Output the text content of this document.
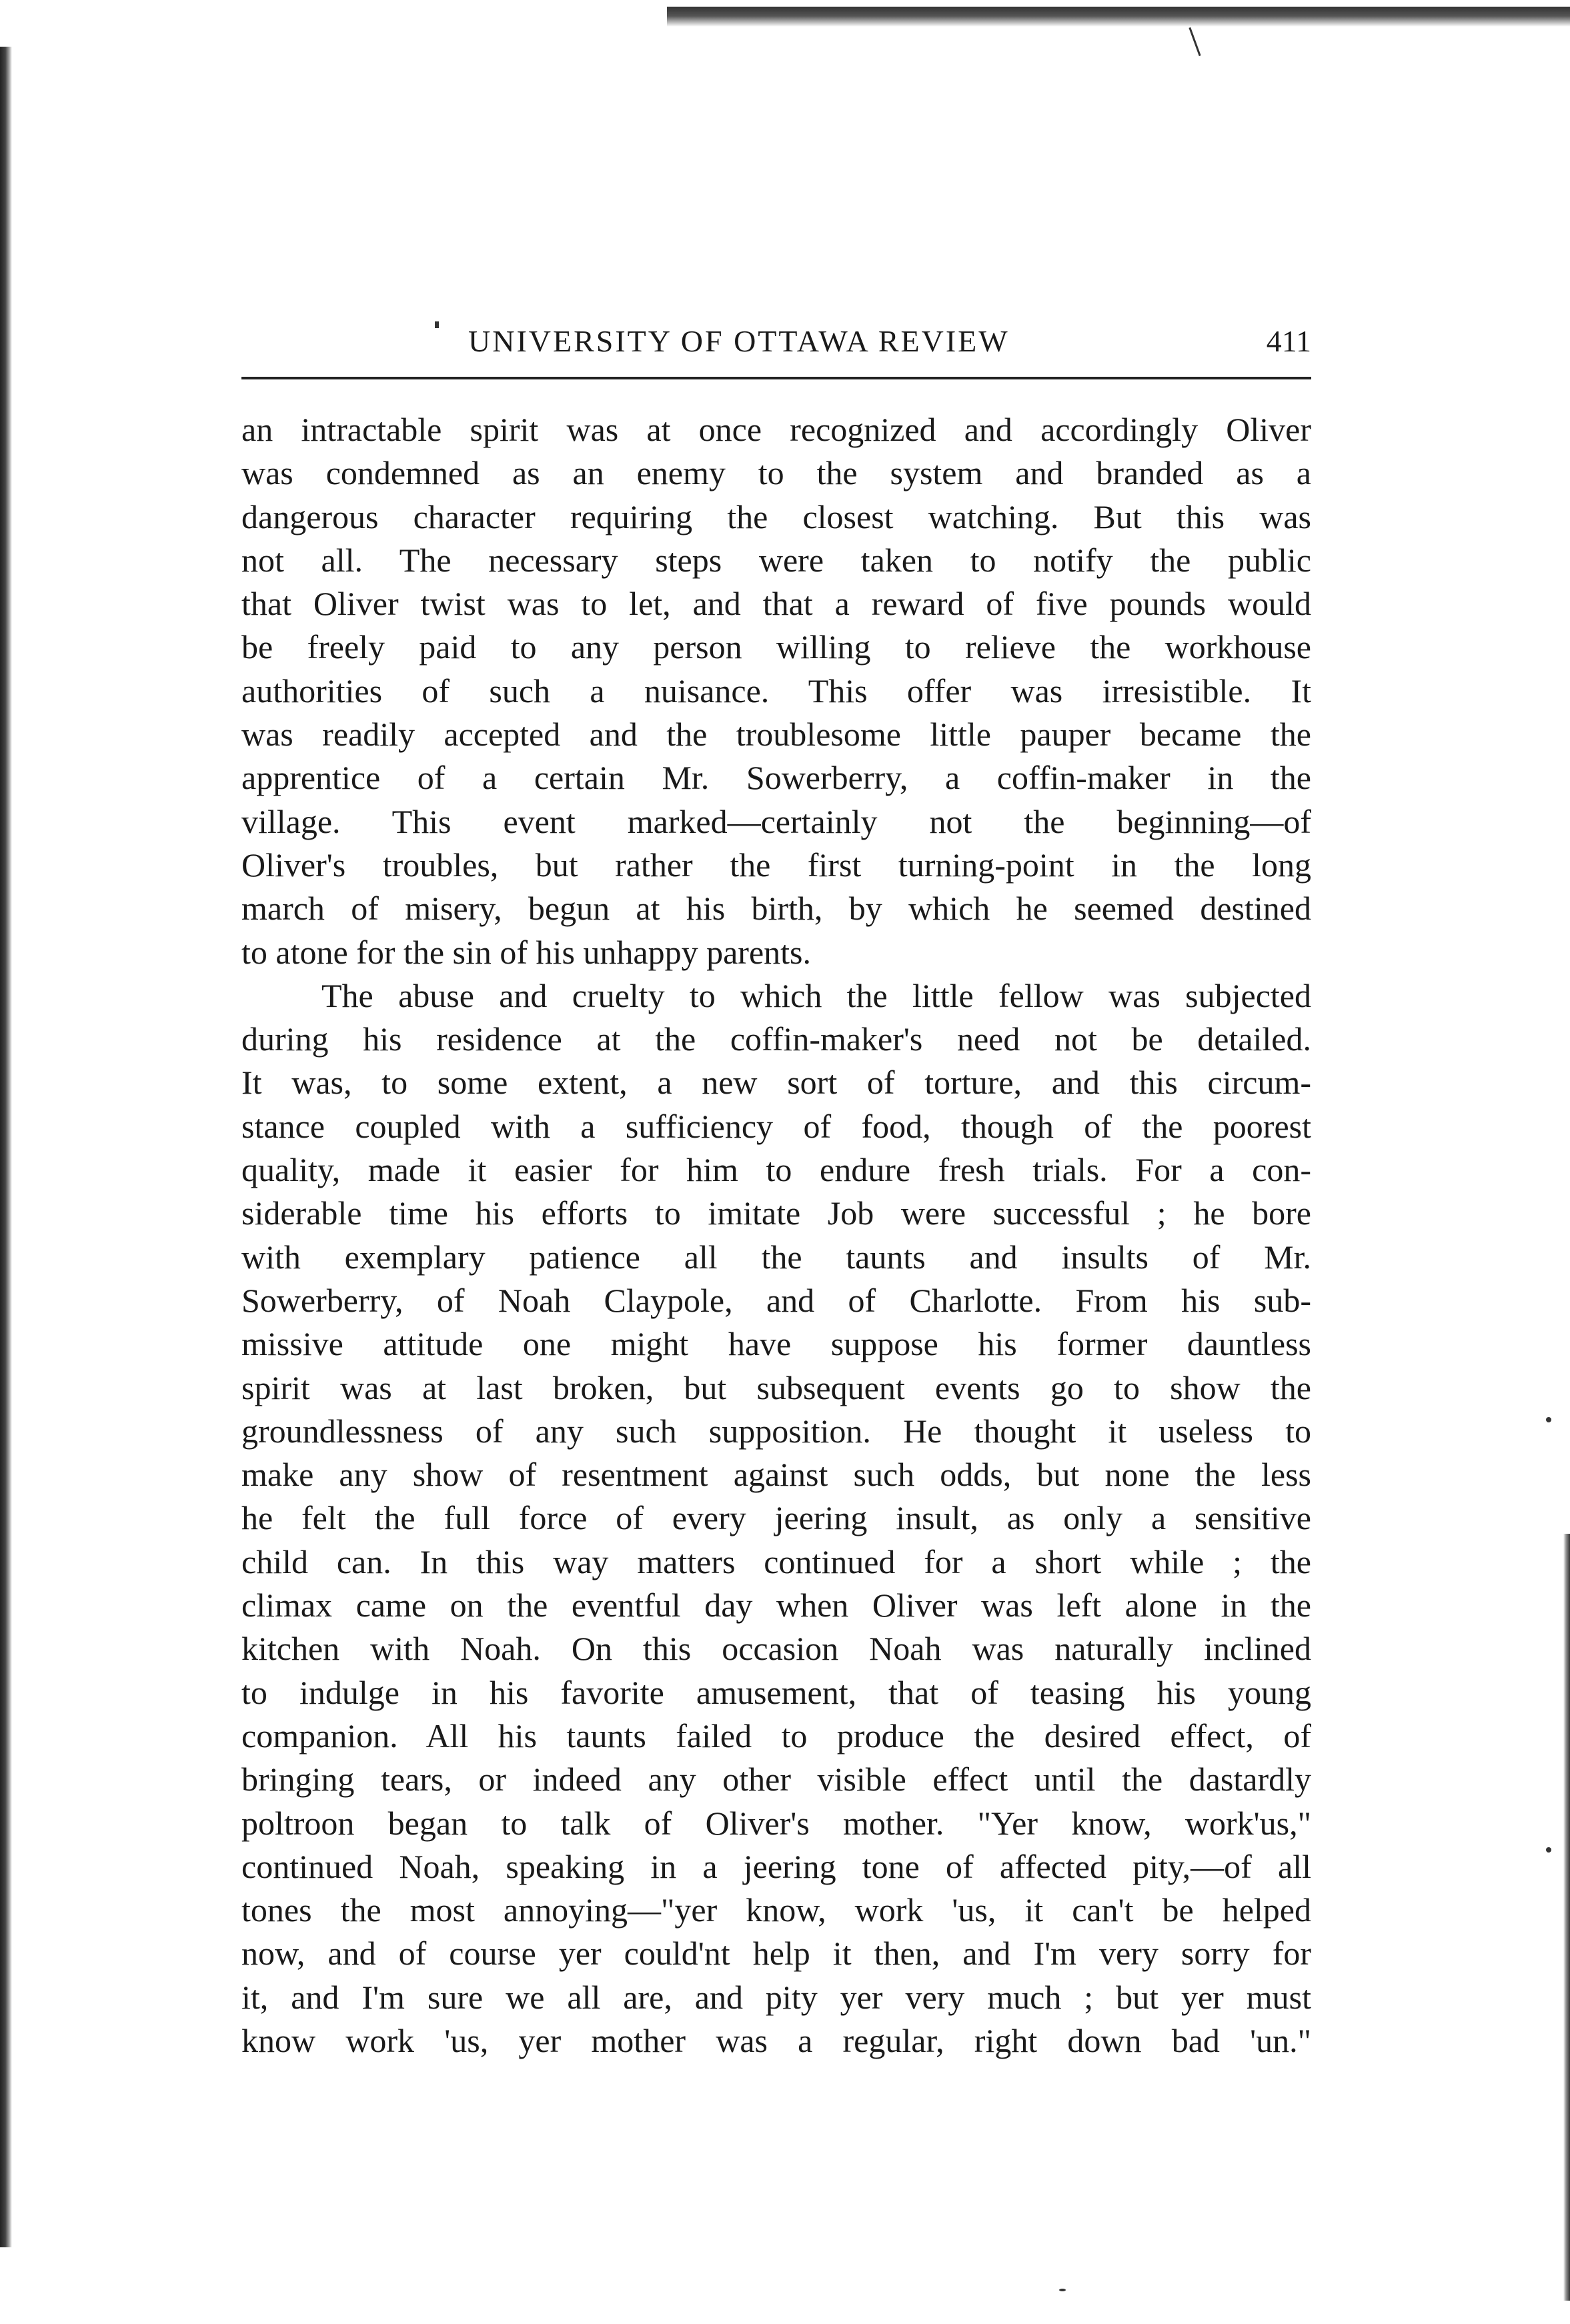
UNIVERSITY OF OTTAWA REVIEW	411
an intractable spirit was at once recognized and accordingly Oliver
was condemned as an enemy to the system and branded as a
dangerous character requiring the closest watching. But this was
not all. The necessary steps were taken to notify the public
that Oliver twist was to let, and that a reward of five pounds would
be freely paid to any person willing to relieve the workhouse
authorities of such a nuisance. This offer was irresistible. It
was readily accepted and the troublesome little pauper became the
apprentice of a certain Mr. Sowerberry, a coffin-maker in the
village. This event marked—certainly not the beginning—of
Oliver's troubles, but rather the first turning-point in the long
march of misery, begun at his birth, by which he seemed destined
to atone for the sin of his unhappy parents.
The abuse and cruelty to which the little fellow was subjected
during his residence at the coffin-maker's need not be detailed.
It was, to some extent, a new sort of torture, and this circum-
stance coupled with a sufficiency of food, though of the poorest
quality, made it easier for him to endure fresh trials. For a con-
siderable time his efforts to imitate Job were successful ; he bore
with exemplary patience all the taunts and insults of Mr.
Sowerberry, of Noah Claypole, and of Charlotte. From his sub-
missive attitude one might have suppose his former dauntless
spirit was at last broken, but subsequent events go to show the
groundlessness of any such supposition. He thought it useless to
make any show of resentment against such odds, but none the less
he felt the full force of every jeering insult, as only a sensitive
child can. In this way matters continued for a short while ; the
climax came on the eventful day when Oliver was left alone in the
kitchen with Noah. On this occasion Noah was naturally inclined
to indulge in his favorite amusement, that of teasing his young
companion. All his taunts failed to produce the desired effect, of
bringing tears, or indeed any other visible effect until the dastardly
poltroon began to talk of Oliver's mother. "Yer know, work'us,"
continued Noah, speaking in a jeering tone of affected pity,—of all
tones the most annoying—"yer know, work 'us, it can't be helped
now, and of course yer could'nt help it then, and I'm very sorry for
it, and I'm sure we all are, and pity yer very much ; but yer must
know work 'us, yer mother was a regular, right down bad 'un."
